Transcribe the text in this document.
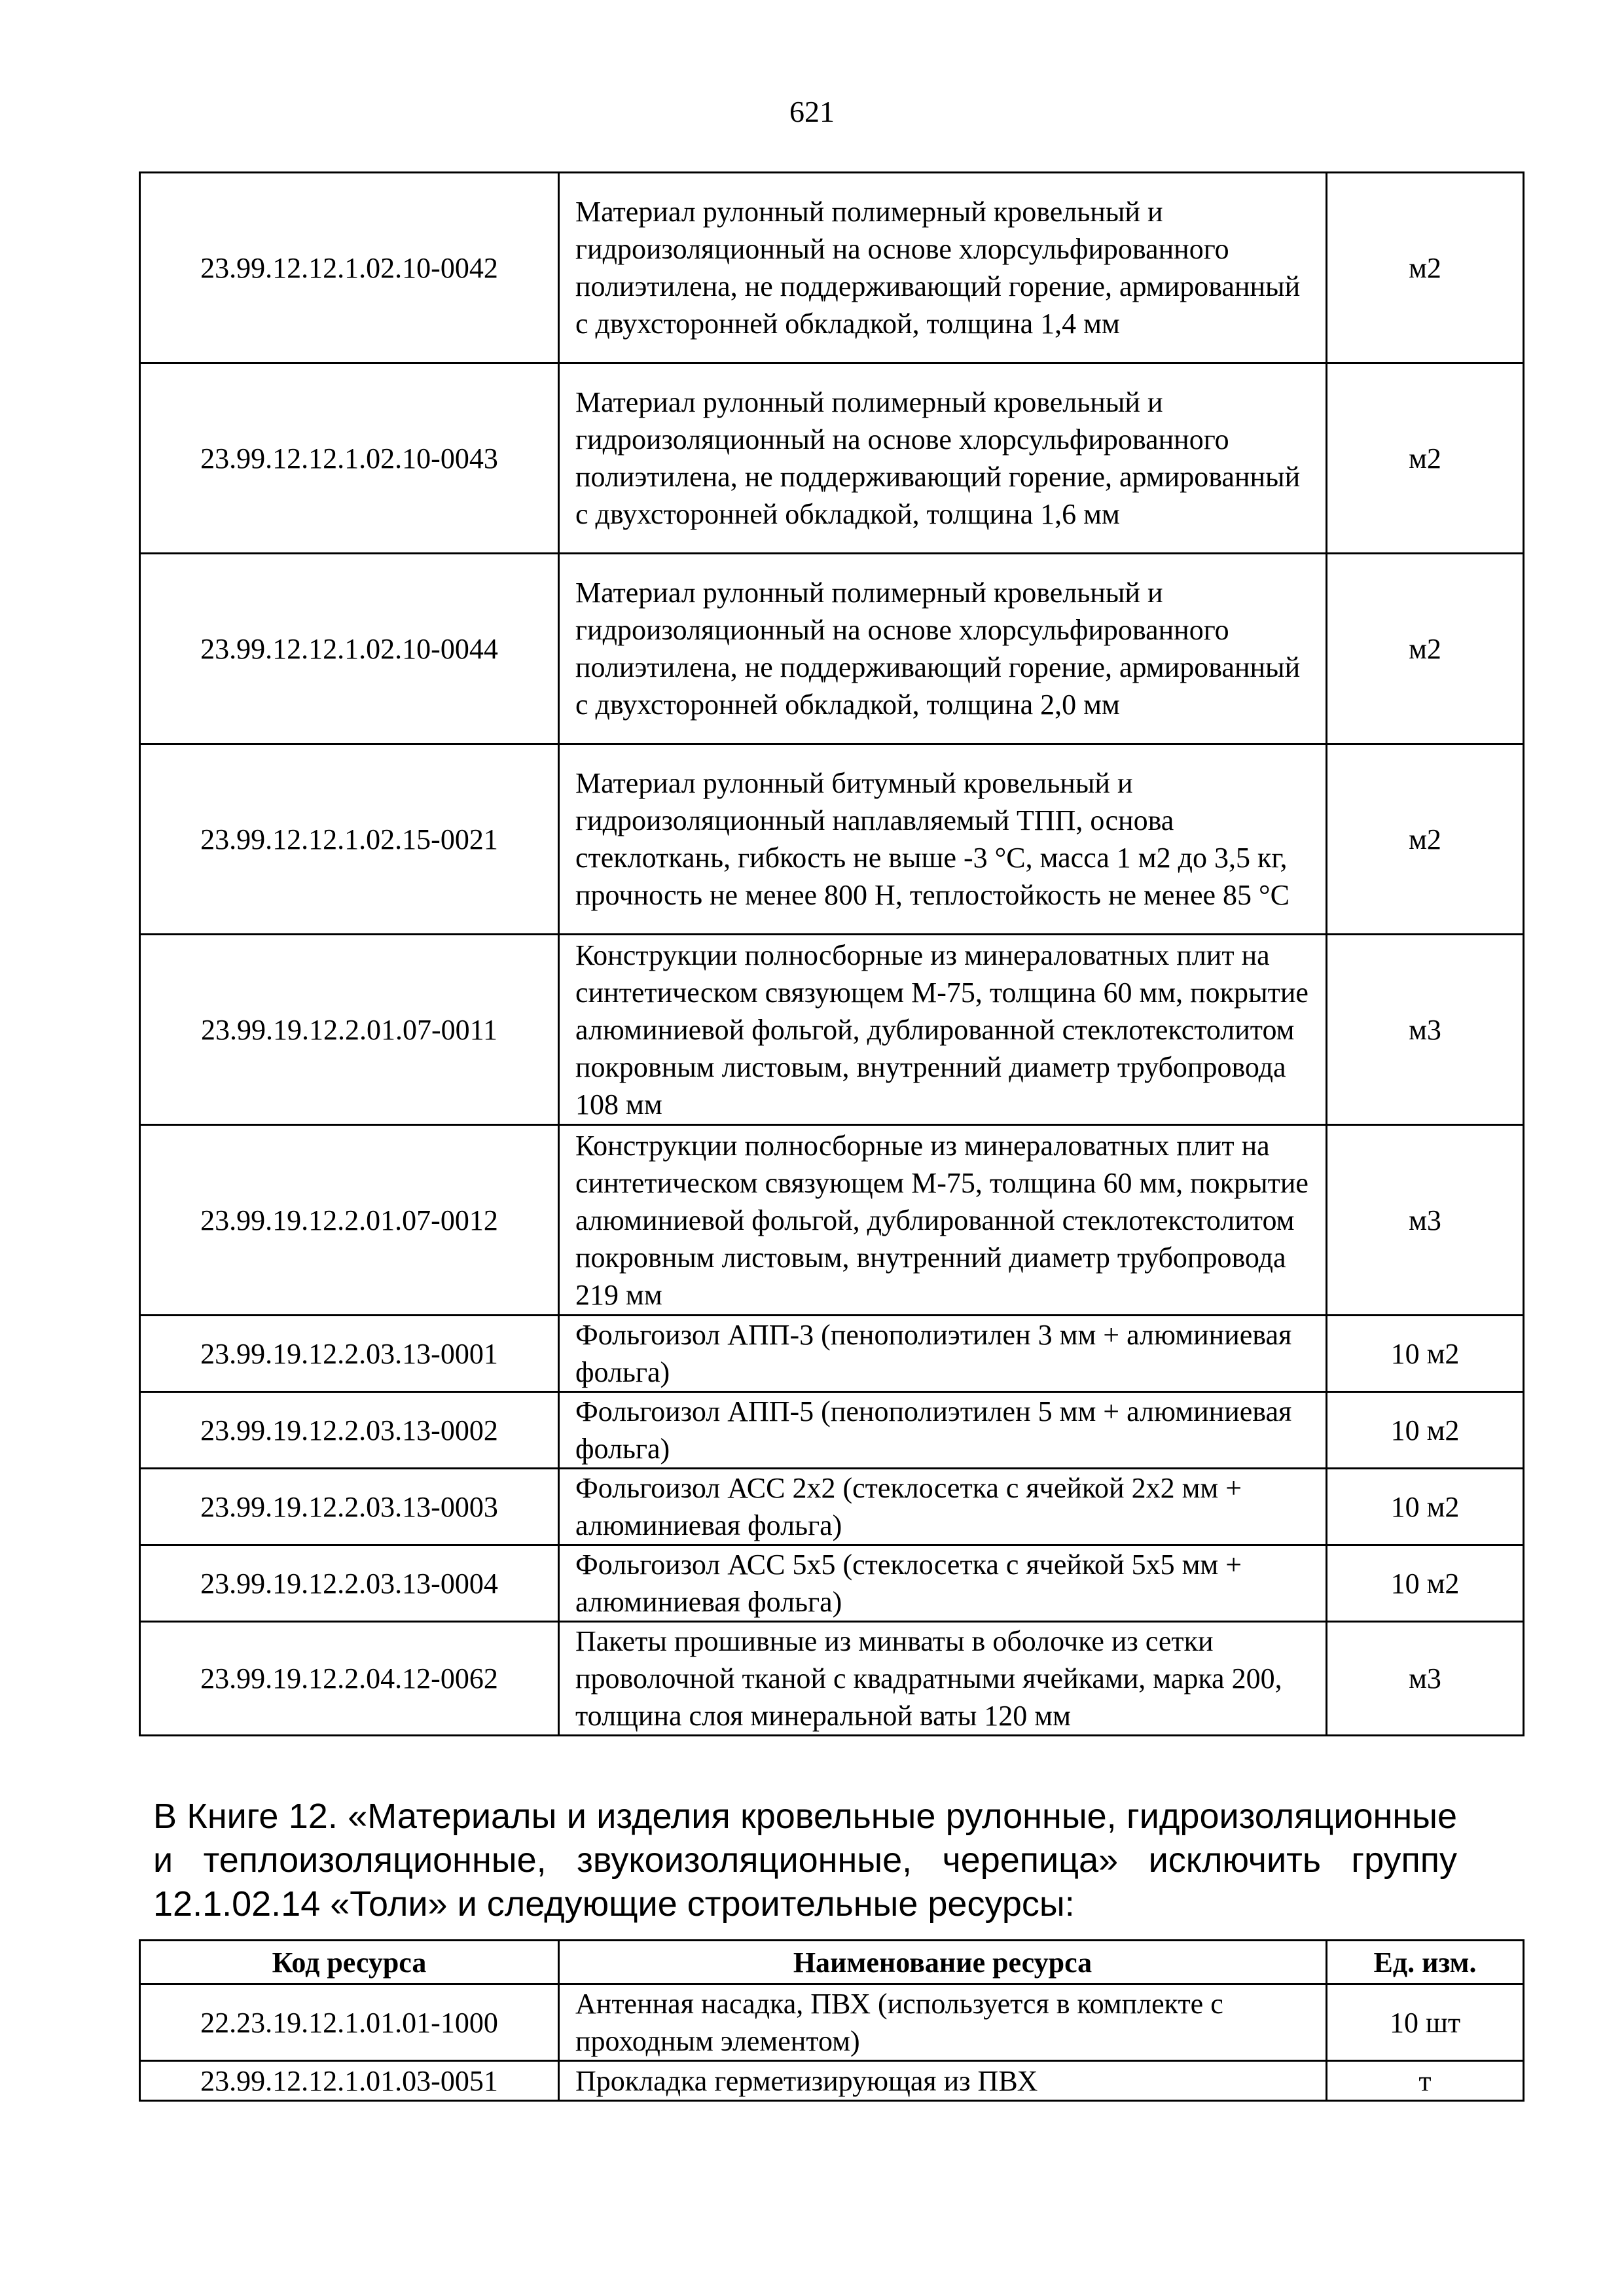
621
23.99.12.12.1.02.10-0042	Материал рулонный полимерный кровельный и гидроизоляционный на основе хлорсульфированного полиэтилена, не поддерживающий горение, армированный с двухсторонней обкладкой, толщина 1,4 мм	м2
23.99.12.12.1.02.10-0043	Материал рулонный полимерный кровельный и гидроизоляционный на основе хлорсульфированного полиэтилена, не поддерживающий горение, армированный с двухсторонней обкладкой, толщина 1,6 мм	м2
23.99.12.12.1.02.10-0044	Материал рулонный полимерный кровельный и гидроизоляционный на основе хлорсульфированного полиэтилена, не поддерживающий горение, армированный с двухсторонней обкладкой, толщина 2,0 мм	м2
23.99.12.12.1.02.15-0021	Материал рулонный битумный кровельный и гидроизоляционный наплавляемый ТПП, основа стеклоткань, гибкость не выше -3 °С, масса 1 м2 до 3,5 кг, прочность не менее 800 Н, теплостойкость не менее 85 °С	м2
23.99.19.12.2.01.07-0011	Конструкции полносборные из минераловатных плит на синтетическом связующем М-75, толщина 60 мм, покрытие алюминиевой фольгой, дублированной стеклотекстолитом покровным листовым, внутренний диаметр трубопровода 108 мм	м3
23.99.19.12.2.01.07-0012	Конструкции полносборные из минераловатных плит на синтетическом связующем М-75, толщина 60 мм, покрытие алюминиевой фольгой, дублированной стеклотекстолитом покровным листовым, внутренний диаметр трубопровода 219 мм	м3
23.99.19.12.2.03.13-0001	Фольгоизол АПП-3 (пенополиэтилен 3 мм + алюминиевая фольга)	10 м2
23.99.19.12.2.03.13-0002	Фольгоизол АПП-5 (пенополиэтилен 5 мм + алюминиевая фольга)	10 м2
23.99.19.12.2.03.13-0003	Фольгоизол АСС 2x2 (стеклосетка с ячейкой 2x2 мм + алюминиевая фольга)	10 м2
23.99.19.12.2.03.13-0004	Фольгоизол АСС 5x5 (стеклосетка с ячейкой 5x5 мм + алюминиевая фольга)	10 м2
23.99.19.12.2.04.12-0062	Пакеты прошивные из минваты в оболочке из сетки проволочной тканой с квадратными ячейками, марка 200, толщина слоя минеральной ваты 120 мм	м3

В Книге 12. «Материалы и изделия кровельные рулонные, гидроизоляционные и теплоизоляционные, звукоизоляционные, черепица» исключить группу 12.1.02.14 «Толи» и следующие строительные ресурсы:

Код ресурса	Наименование ресурса	Ед. изм.
22.23.19.12.1.01.01-1000	Антенная насадка, ПВХ (используется в комплекте с проходным элементом)	10 шт
23.99.12.12.1.01.03-0051	Прокладка герметизирующая из ПВХ	т
